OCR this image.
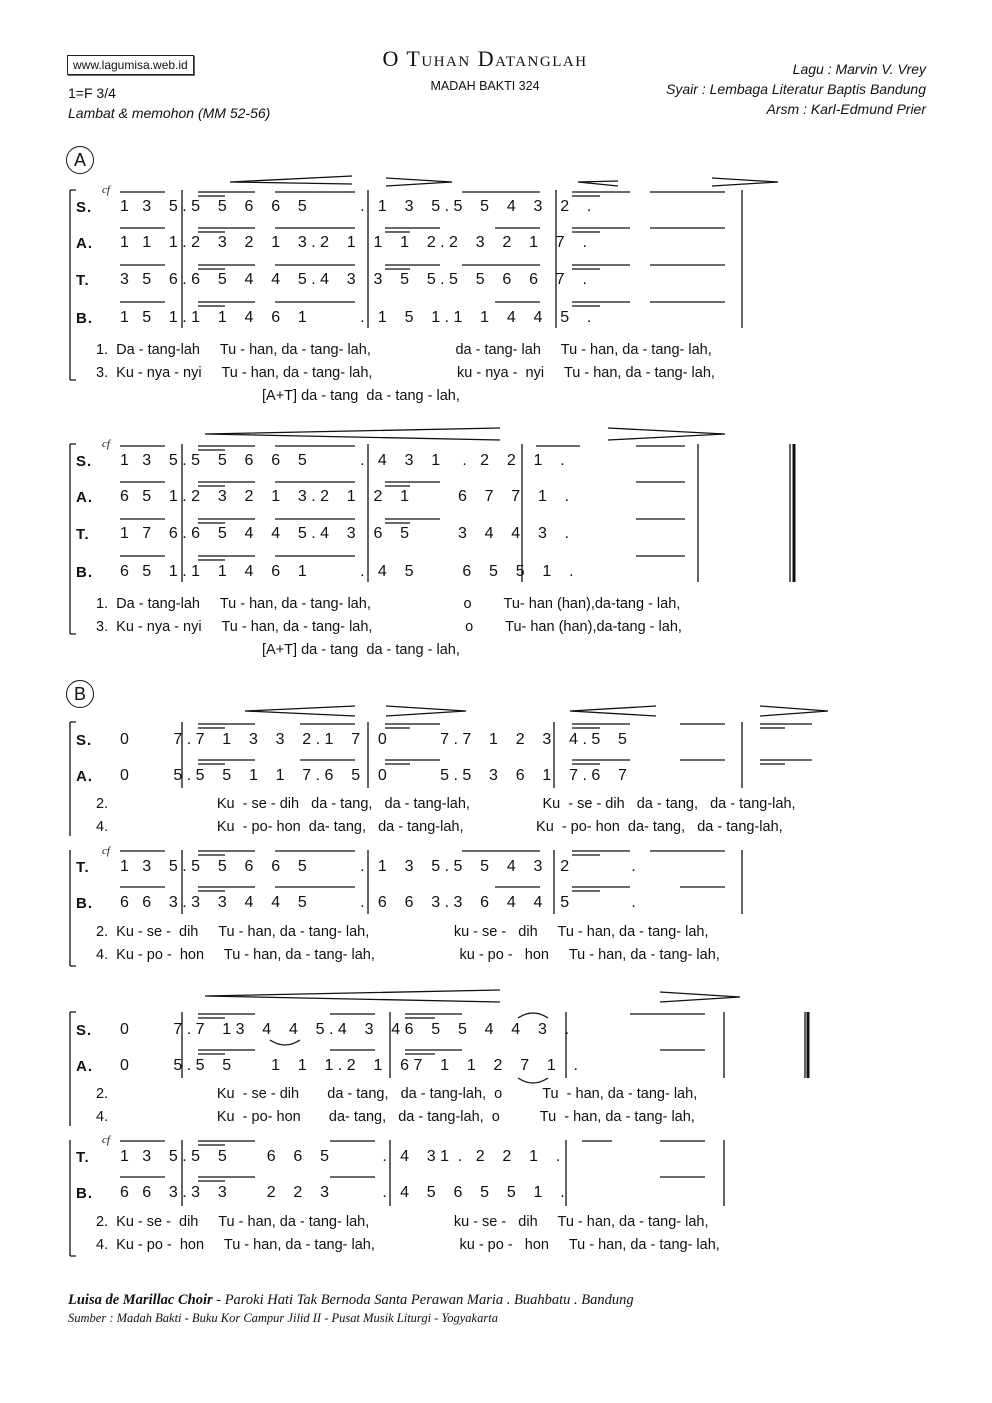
www.lagumisa.web.id
1=F 3/4
Lambat & memohon (MM 52-56)
O Tuhan Datanglah
MADAH BAKTI 324
Lagu : Marvin V. Vrey
Syair : Lembaga Literatur Baptis Bandung
Arsm : Karl-Edmund Prier
A
cf
S.
A.
T.
B.
1   3    5 . 5    5    6    6    5            .   1    3    5 . 5    5    4    3    2    .
1   1    1 . 2    3    2    1    3 . 2    1    1    1    2 . 2    3    2    1    7    .
3   5    6 . 6    5    4    4    5 . 4    3    3    5    5 . 5    5    6    6    7    .
1   5    1 . 1    1    4    6    1            .   1    5    1 . 1    1    4    4    5    .
1.  Da - tang-lah     Tu - han, da - tang- lah,                     da - tang- lah     Tu - han, da - tang- lah,
3.  Ku - nya - nyi     Tu - han, da - tang- lah,                     ku - nya -  nyi     Tu - han, da - tang- lah,
[A+T] da - tang  da - tang - lah,
cf
S.
A.
T.
B.
1   3    5 . 5    5    6    6    5            .   4    3    1     .   2    2    1    .
6   5    1 . 2    3    2    1    3 . 2    1    2    1           6    7    7    1    .
1   7    6 . 6    5    4    4    5 . 4    3    6    5           3    4    4    3    .
6   5    1 . 1    1    4    6    1            .   4    5           6    5    5    1    .
1.  Da - tang-lah     Tu - han, da - tang- lah,                       o        Tu- han (han),da-tang - lah,
3.  Ku - nya - nyi     Tu - han, da - tang- lah,                       o        Tu- han (han),da-tang - lah,
[A+T] da - tang  da - tang - lah,
B
S.
A.
0          7 . 7    1    3    3    2 . 1    7    0            7 . 7    1    2    3    4 . 5    5
0          5 . 5    5    1    1    7 . 6    5    0            5 . 5    3    6    1    7 . 6    7
2.                           Ku  - se - dih   da - tang,   da - tang-lah,                  Ku  - se - dih   da - tang,   da - tang-lah,
4.                           Ku  - po- hon  da- tang,   da - tang-lah,                  Ku  - po- hon  da- tang,   da - tang-lah,
cf
T.
B.
1   3    5 . 5    5    6    6    5            .   1    3    5 . 5    5    4    3    2              .
6   6    3 . 3    3    4    4    5            .   6    6    3 . 3    6    4    4    5              .
2.  Ku - se -  dih     Tu - han, da - tang- lah,                     ku - se -   dih     Tu - han, da - tang- lah,
4.  Ku - po -  hon     Tu - han, da - tang- lah,                     ku - po -   hon     Tu - han, da - tang- lah,
S.
A.
0          7 . 7    1 3    4    4    5 . 4    3    4 6    5    5    4    4    3    .
0          5 . 5    5         1    1    1 . 2    1    6 7    1    1    2    7    1    .
2.                           Ku  - se - dih       da - tang,   da - tang-lah,  o          Tu  - han, da - tang- lah,
4.                           Ku  - po- hon       da- tang,   da - tang-lah,  o          Tu  - han, da - tang- lah,
cf
T.
B.
1   3    5 . 5    5         6    6    5            .   4    3 1  .   2    2    1    .
6   6    3 . 3    3         2    2    3            .   4    5    6    5    5    1    .
2.  Ku - se -  dih     Tu - han, da - tang- lah,                     ku - se -   dih     Tu - han, da - tang- lah,
4.  Ku - po -  hon     Tu - han, da - tang- lah,                     ku - po -   hon     Tu - han, da - tang- lah,
Luisa de Marillac Choir - Paroki Hati Tak Bernoda Santa Perawan Maria . Buahbatu . Bandung
Sumber : Madah Bakti - Buku Kor Campur Jilid II - Pusat Musik Liturgi - Yogyakarta
